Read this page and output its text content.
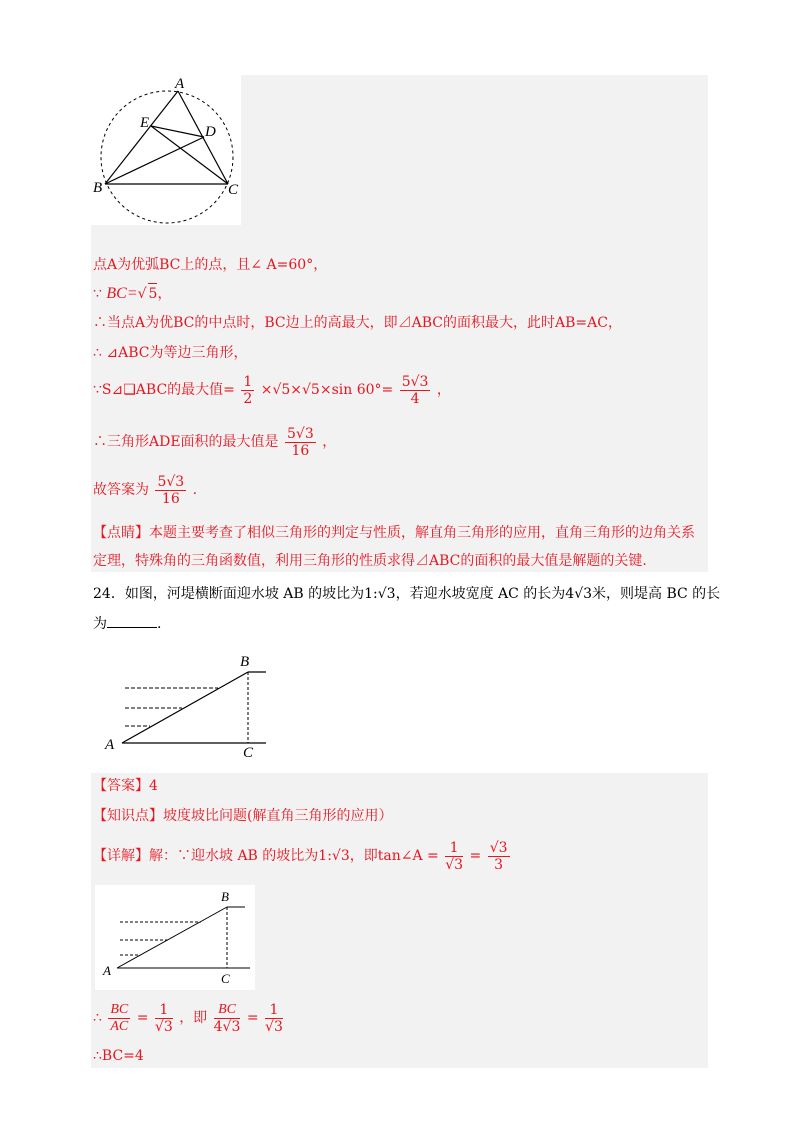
A
E
D
B	C
点A为优弧BC上的点，且∠ A=60°，
∵ BC=√ 5，
∴当点A为优BC的中点时，BC边上的高最大，即⊿ABC的面积最大，此时AB=AC，
∴ ⊿ABC为等边三角形，
∵S⊿❑ABC的最大值= $\frac{1}{2} \times√5\times√5\times\sin$ $60^\circ= \frac{5√3}{4}$ ，
∴三角形ADE面积的最大值是 $\frac{5√3}{16}$ ，
故答案为 $\frac{5√3}{16}$ .
【点睛】本题主要考查了相似三角形的判定与性质，解直角三角形的应用，直角三角形的边角关系
定理，特殊角的三角函数值，利用三角形的性质求得⊿ABC的面积的最大值是解题的关键.
24．如图，河堤横断面迎水坡 AB 的坡比为1:√3，若迎水坡宽度 AC 的长为4√3米，则堤高 BC 的长
为	.
B
A	C
【答案】4
【知识点】坡度坡比问题(解直角三角形的应用）
【详解】解：∵迎水坡 AB 的坡比为1:√3，即tan∠A = $\frac{1}{√3} = \frac{√3}{3}$
B
A
C
∴ $\frac{BC}{AC} = \frac{1}{√3}$ ，即 $\frac{BC}{4√3} = \frac{1}{√3}$
∴BC=4
